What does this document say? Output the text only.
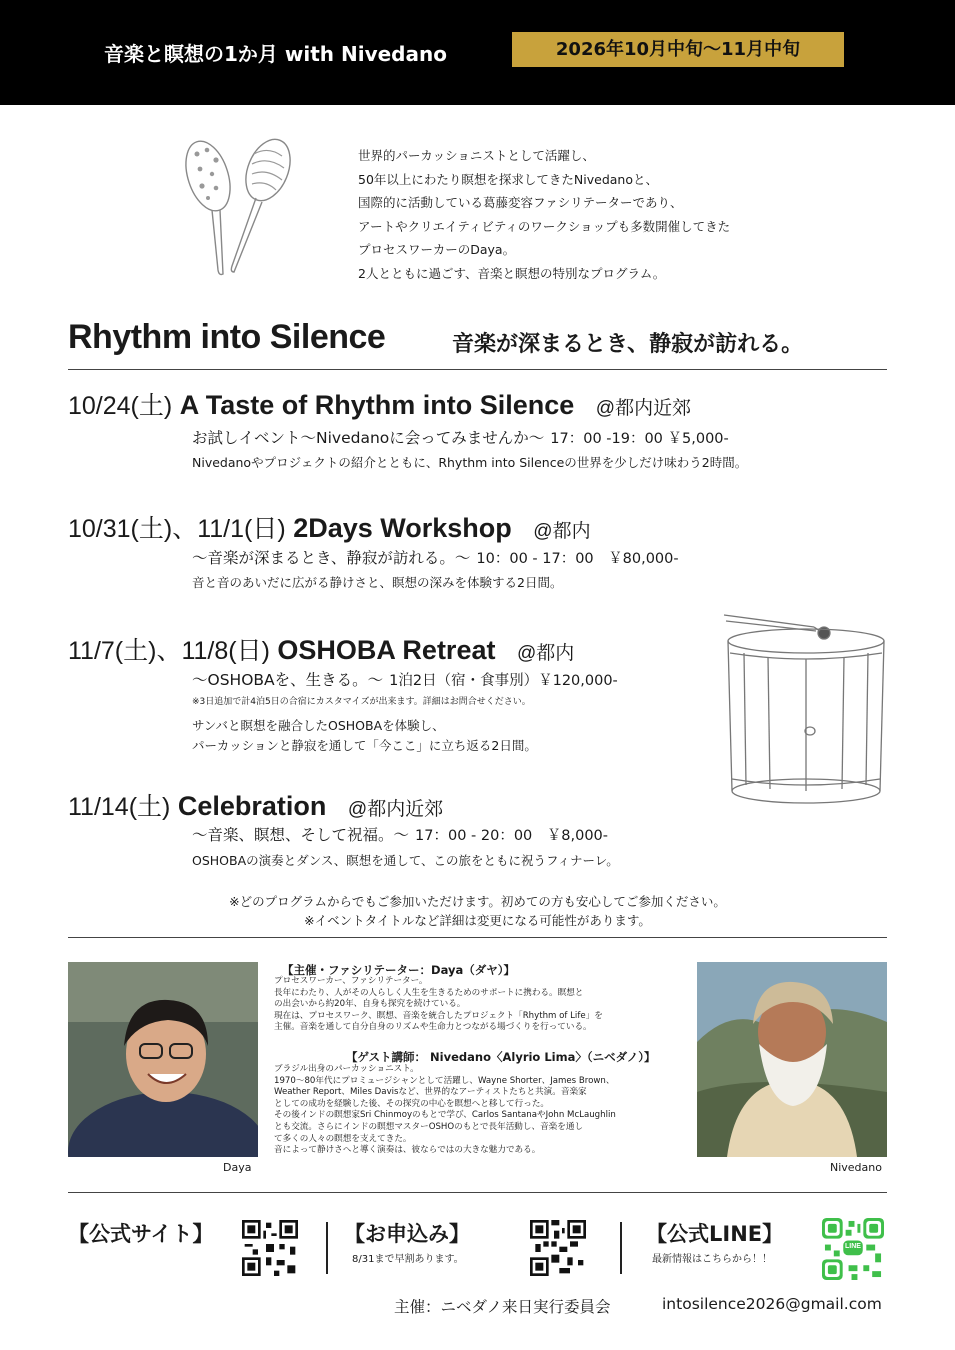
音楽と瞑想の1か月 with Nivedano	2026年10月中旬～11月中旬
世界的パーカッショニストとして活躍し、
50年以上にわたり瞑想を探求してきたNivedanoと、
国際的に活動している葛藤変容ファシリテーターであり、
アートやクリエイティビティのワークショップも多数開催してきた
プロセスワーカーのDaya。
2人とともに過ごす、音楽と瞑想の特別なプログラム。
Rhythm into Silence	音楽が深まるとき、静寂が訪れる。
10/24(土) A Taste of Rhythm into Silence @都内近郊
お試しイベント～Nivedanoに会ってみませんか～ 17：00 -19：00 ￥5,000-
Nivedanoやプロジェクトの紹介とともに、Rhythm into Silenceの世界を少しだけ味わう2時間。
10/31(土)、11/1(日) 2Days Workshop @都内
～音楽が深まるとき、静寂が訪れる。～ 10：00 - 17：00　￥80,000-
音と音のあいだに広がる静けさと、瞑想の深みを体験する2日間。
11/7(土)、11/8(日) OSHOBA Retreat @都内
～OSHOBAを、生きる。～ 1泊2日（宿・食事別）￥120,000-
※3日追加で計4泊5日の合宿にカスタマイズが出来ます。詳細はお問合せください。
サンバと瞑想を融合したOSHOBAを体験し、
パーカッションと静寂を通して「今ここ」に立ち返る2日間。
11/14(土) Celebration @都内近郊
～音楽、瞑想、そして祝福。～ 17：00 - 20：00　￥8,000-
OSHOBAの演奏とダンス、瞑想を通して、この旅をともに祝うフィナーレ。
※どのプログラムからでもご参加いただけます。初めての方も安心してご参加ください。
※イベントタイトルなど詳細は変更になる可能性があります。
Daya
【主催・ファシリテーター：Daya（ダヤ）】
プロセスワーカー、ファシリテーター。
長年にわたり、人がその人らしく人生を生きるためのサポートに携わる。瞑想と
の出会いから約20年、自身も探究を続けている。
現在は、プロセスワーク、瞑想、音楽を統合したプロジェクト「Rhythm of Life」を
主催。音楽を通して自分自身のリズムや生命力とつながる場づくりを行っている。
【ゲスト講師： Nivedano〈Alyrio Lima〉（ニベダノ）】
ブラジル出身のパーカッショニスト。
1970～80年代にプロミュージシャンとして活躍し、Wayne Shorter、James Brown、
Weather Report、Miles Davisなど、世界的なアーティストたちと共演。音楽家
としての成功を経験した後、その探究の中心を瞑想へと移して行った。
その後インドの瞑想家Sri Chinmoyのもとで学び、Carlos SantanaやJohn McLaughlin
とも交流。さらにインドの瞑想マスターOSHOのもとで長年活動し、音楽を通し
て多くの人々の瞑想を支えてきた。
音によって静けさへと導く演奏は、彼ならではの大きな魅力である。
Nivedano
【公式サイト】	【お申込み】
8/31まで早割あります。
【公式LINE】
最新情報はこちらから！！
LINE
主催：ニベダノ来日実行委員会	intosilence2026@gmail.com
